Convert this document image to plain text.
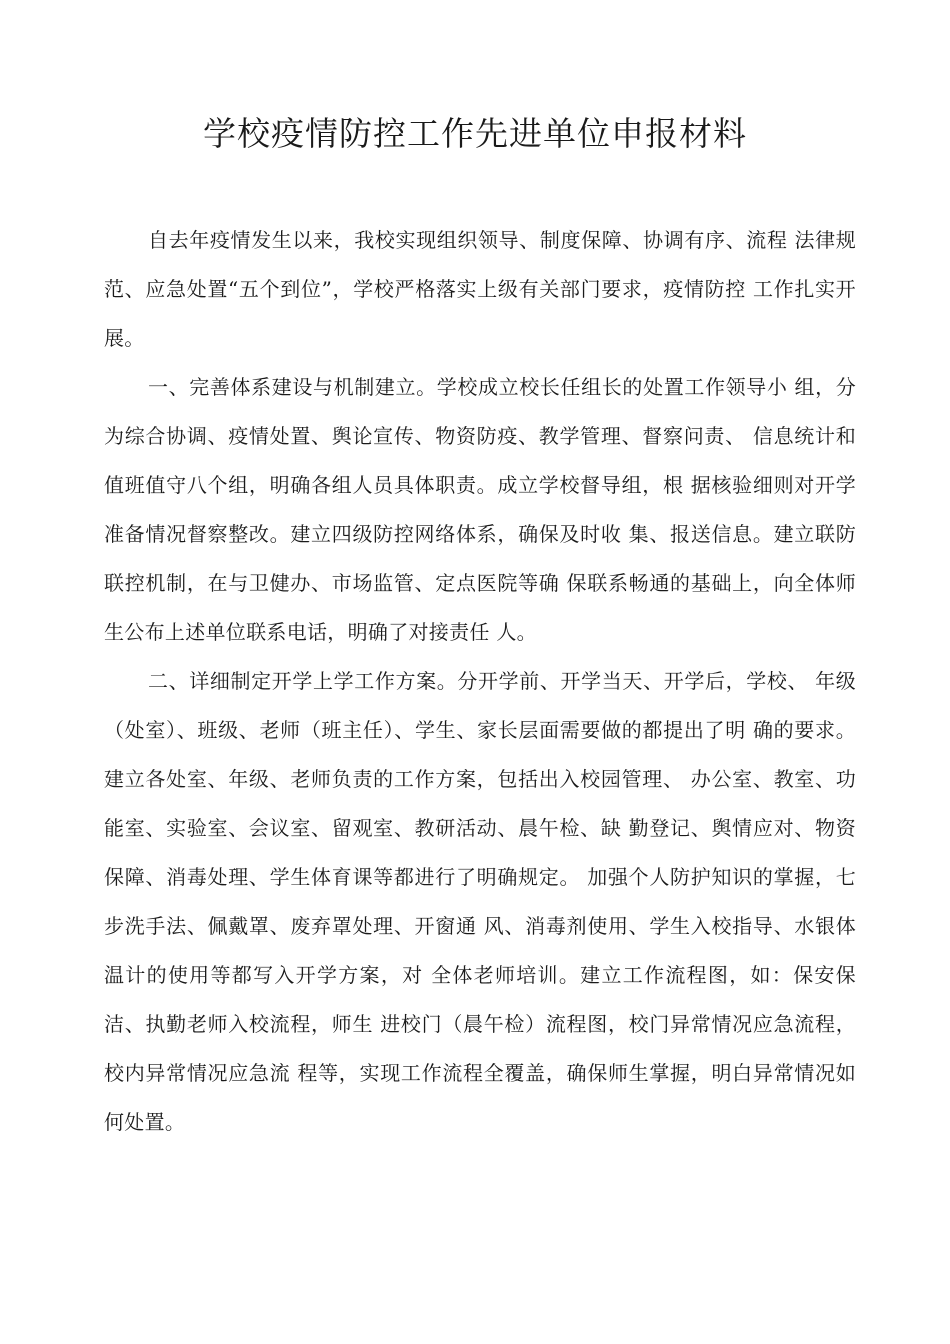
学校疫情防控工作先进单位申报材料

自去年疫情发生以来，我校实现组织领导、制度保障、协调有序、流程 法律规范、应急处置“五个到位”，学校严格落实上级有关部门要求，疫情防控 工作扎实开展。

一、完善体系建设与机制建立。学校成立校长任组长的处置工作领导小 组，分为综合协调、疫情处置、舆论宣传、物资防疫、教学管理、督察问责、 信息统计和值班值守八个组，明确各组人员具体职责。成立学校督导组，根 据核验细则对开学准备情况督察整改。建立四级防控网络体系，确保及时收 集、报送信息。建立联防联控机制，在与卫健办、市场监管、定点医院等确 保联系畅通的基础上，向全体师生公布上述单位联系电话，明确了对接责任 人。

二、详细制定开学上学工作方案。分开学前、开学当天、开学后，学校、 年级（处室）、班级、老师（班主任）、学生、家长层面需要做的都提出了明 确的要求。建立各处室、年级、老师负责的工作方案，包括出入校园管理、 办公室、教室、功能室、实验室、会议室、留观室、教研活动、晨午检、缺 勤登记、舆情应对、物资保障、消毒处理、学生体育课等都进行了明确规定。 加强个人防护知识的掌握，七步洗手法、佩戴罩、废弃罩处理、开窗通 风、消毒剂使用、学生入校指导、水银体温计的使用等都写入开学方案，对 全体老师培训。建立工作流程图，如：保安保洁、执勤老师入校流程，师生 进校门（晨午检）流程图，校门异常情况应急流程，校内异常情况应急流 程等，实现工作流程全覆盖，确保师生掌握，明白异常情况如何处置。
